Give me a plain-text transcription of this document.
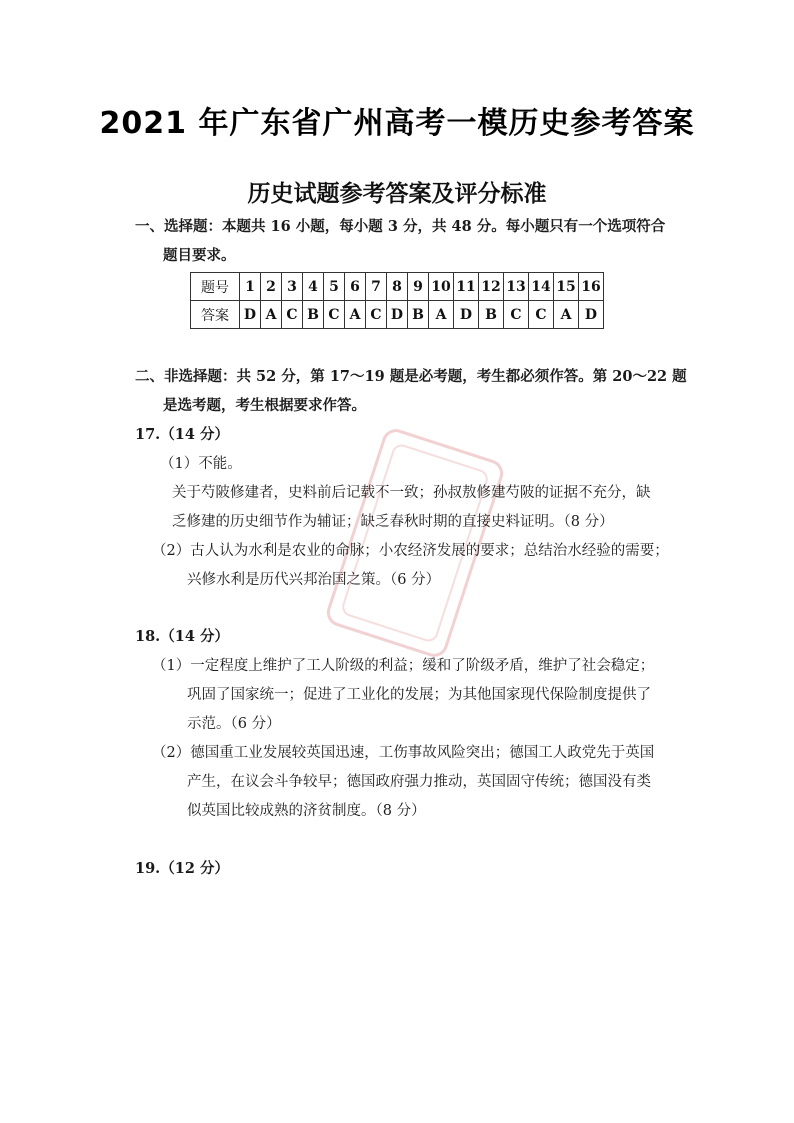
2021 年广东省广州高考一模历史参考答案
历史试题参考答案及评分标准
一、选择题：本题共 16 小题，每小题 3 分，共 48 分。每小题只有一个选项符合
题目要求。
题号	1	2	3	4	5	6	7	8	9	10	11	12	13	14	15	16
答案	D	A	C	B	C	A	C	D	B	A	D	B	C	C	A	D
二、非选择题：共 52 分，第 17～19 题是必考题，考生都必须作答。第 20～22 题
是选考题，考生根据要求作答。
17.（14 分）
（1）不能。
关于芍陂修建者，史料前后记载不一致；孙叔敖修建芍陂的证据不充分，缺
乏修建的历史细节作为辅证；缺乏春秋时期的直接史料证明。（8 分）
（2）古人认为水利是农业的命脉；小农经济发展的要求；总结治水经验的需要；
兴修水利是历代兴邦治国之策。（6 分）
18.（14 分）
（1）一定程度上维护了工人阶级的利益；缓和了阶级矛盾，维护了社会稳定；
巩固了国家统一；促进了工业化的发展；为其他国家现代保险制度提供了
示范。（6 分）
（2）德国重工业发展较英国迅速，工伤事故风险突出；德国工人政党先于英国
产生，在议会斗争较早；德国政府强力推动，英国固守传统；德国没有类
似英国比较成熟的济贫制度。（8 分）
19.（12 分）
